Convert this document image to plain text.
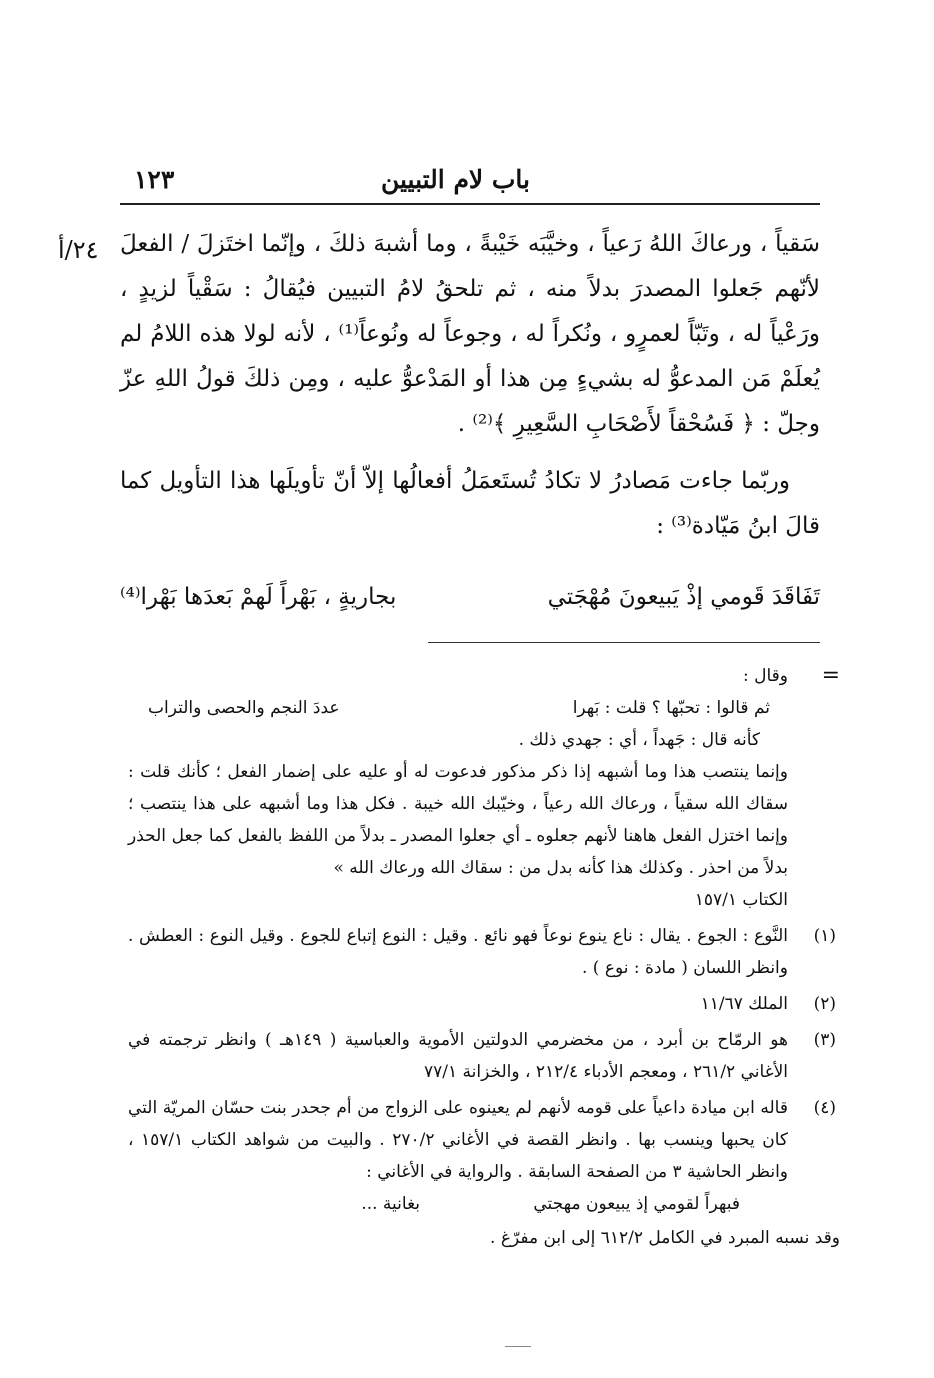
باب لام التبيين
١٢٣
٢٤/أ سَقياً ، ورعاكَ اللهُ رَعياً ، وخيَّبَه خَيْبةً ، وما أشبهَ ذلكَ ، وإنّما اختَزلَ / الفعلَ لأنّهم جَعلوا المصدرَ بدلاً منه ، ثم تلحقُ لامُ التبيين فيُقالُ : سَقْياً لزيدٍ ، ورَعْياً له ، وتَبّاً لعمرٍو ، ونُكراً له ، وجوعاً له ونُوعاً⁽¹⁾ ، لأنه لولا هذه اللامُ لم يُعلَمْ مَن المدعوُّ له بشيءٍ مِن هذا أو المَدْعوُّ عليه ، ومِن ذلكَ قولُ اللهِ عزّ وجلّ : ﴿ فَسُحْقاً لأَصْحَابِ السَّعِيرِ ﴾⁽²⁾ .

وربّما جاءت مَصادرُ لا تكادُ تُستَعمَلُ أفعالُها إلاّ أنّ تأويلَها هذا التأويل كما قالَ ابنُ مَيّادة⁽³⁾ :

تَفَاقَدَ قَومي إذْ يَبيعونَ مُهْجَتي
بجاريةٍ ، بَهْراً لَهمْ بَعدَها بَهْرا⁽⁴⁾
=
وقال :
ثم قالوا : تحبّها ؟ قلت : بَهرا
عددَ النجم والحصى والتراب
كأنه قال : جَهداً ، أي : جهدي ذلك .
وإنما ينتصب هذا وما أشبهه إذا ذكر مذكور فدعوت له أو عليه على إضمار الفعل ؛ كأنك قلت : سقاك الله سقياً ، ورعاك الله رعياً ، وخيّبك الله خيبة . فكل هذا وما أشبهه على هذا ينتصب ؛ وإنما اختزل الفعل هاهنا لأنهم جعلوه ـ أي جعلوا المصدر ـ بدلاً من اللفظ بالفعل كما جعل الحذر بدلاً من احذر . وكذلك هذا كأنه بدل من : سقاك الله ورعاك الله »
الكتاب ١٥٧/١
(١)
النَّوع : الجوع . يقال : ناع ينوع نوعاً فهو نائع . وقيل : النوع إتباع للجوع . وقيل النوع : العطش . وانظر اللسان ( مادة : نوع ) .
(٢)
الملك ١١/٦٧
(٣)
هو الرمّاح بن أبرد ، من مخضرمي الدولتين الأموية والعباسية ( ١٤٩هـ ) وانظر ترجمته في الأغاني ٢٦١/٢ ، ومعجم الأدباء ٢١٢/٤ ، والخزانة ٧٧/١
(٤)
قاله ابن ميادة داعياً على قومه لأنهم لم يعينوه على الزواج من أم جحدر بنت حسّان المريّة التي كان يحبها وينسب بها . وانظر القصة في الأغاني ٢٧٠/٢ . والبيت من شواهد الكتاب ١٥٧/١ ، وانظر الحاشية ٣ من الصفحة السابقة . والرواية في الأغاني :
فبهراً لقومي إذ يبيعون مهجتي
بغانية ...
وقد نسبه المبرد في الكامل ٦١٢/٢ إلى ابن مفرّغ .
